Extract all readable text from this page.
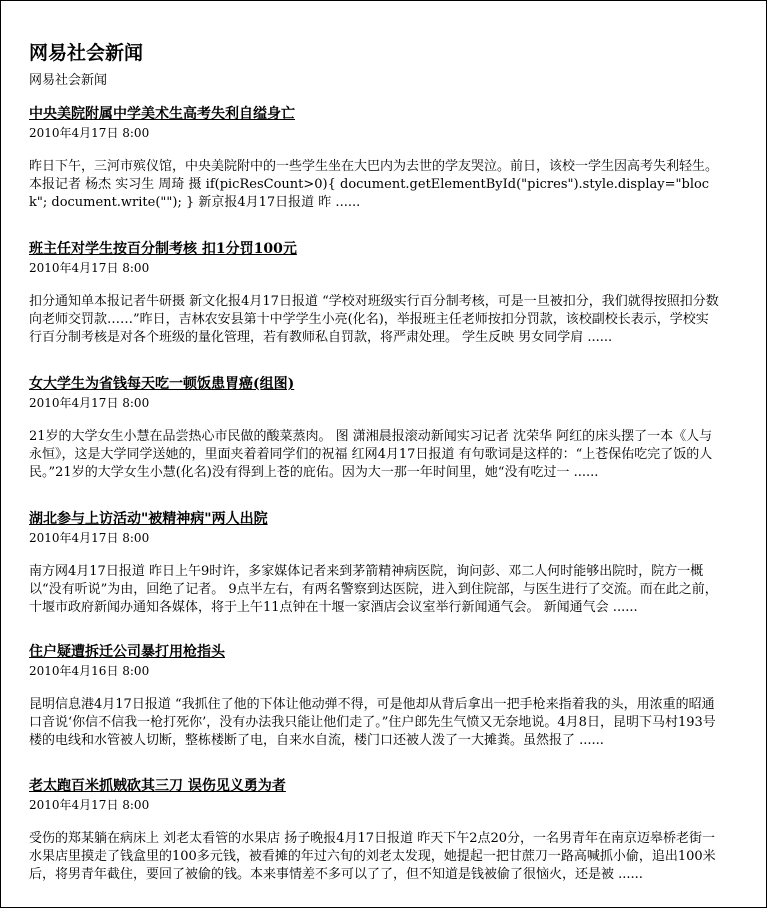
网易社会新闻
网易社会新闻
中央美院附属中学美术生高考失利自缢身亡
2010年4月17日 8:00

昨日下午，三河市殡仪馆，中央美院附中的一些学生坐在大巴内为去世的学友哭泣。前日，该校一学生因高考失利轻生。本报记者 杨杰 实习生 周琦 摄 if(picResCount>0){ document.getElementById("picres").style.display="block"; document.write(""); } 新京报4月17日报道 昨 ......

班主任对学生按百分制考核 扣1分罚100元
2010年4月17日 8:00

扣分通知单本报记者牛研摄 新文化报4月17日报道 “学校对班级实行百分制考核，可是一旦被扣分，我们就得按照扣分数向老师交罚款……”昨日，吉林农安县第十中学学生小亮(化名)，举报班主任老师按扣分罚款，该校副校长表示，学校实行百分制考核是对各个班级的量化管理，若有教师私自罚款，将严肃处理。 学生反映 男女同学肩 ......

女大学生为省钱每天吃一顿饭患胃癌(组图)
2010年4月17日 8:00

21岁的大学女生小慧在品尝热心市民做的酸菜蒸肉。 图 潇湘晨报滚动新闻实习记者 沈荣华 阿红的床头摆了一本《人与永恒》，这是大学同学送她的，里面夹着着同学们的祝福 红网4月17日报道 有句歌词是这样的：“上苍保佑吃完了饭的人民。”21岁的大学女生小慧(化名)没有得到上苍的庇佑。因为大一那一年时间里，她“没有吃过一 ......

湖北参与上访活动"被精神病"两人出院
2010年4月17日 8:00

南方网4月17日报道 昨日上午9时许，多家媒体记者来到茅箭精神病医院，询问彭、邓二人何时能够出院时，院方一概以“没有听说”为由，回绝了记者。 9点半左右，有两名警察到达医院，进入到住院部，与医生进行了交流。而在此之前，十堰市政府新闻办通知各媒体，将于上午11点钟在十堰一家酒店会议室举行新闻通气会。 新闻通气会 ......

住户疑遭拆迁公司暴打用枪指头
2010年4月16日 8:00

昆明信息港4月17日报道 “我抓住了他的下体让他动弹不得，可是他却从背后拿出一把手枪来指着我的头，用浓重的昭通口音说‘你信不信我一枪打死你’，没有办法我只能让他们走了。”住户郎先生气愤又无奈地说。4月8日，昆明下马村193号楼的电线和水管被人切断，整栋楼断了电，自来水自流，楼门口还被人泼了一大摊粪。虽然报了 ......

老太跑百米抓贼砍其三刀 误伤见义勇为者
2010年4月17日 8:00

受伤的郑某躺在病床上 刘老太看管的水果店 扬子晚报4月17日报道 昨天下午2点20分，一名男青年在南京迈皋桥老街一水果店里摸走了钱盒里的100多元钱，被看摊的年过六旬的刘老太发现，她提起一把甘蔗刀一路高喊抓小偷，追出100米后，将男青年截住，要回了被偷的钱。本来事情差不多可以了了，但不知道是钱被偷了很恼火，还是被 ......
